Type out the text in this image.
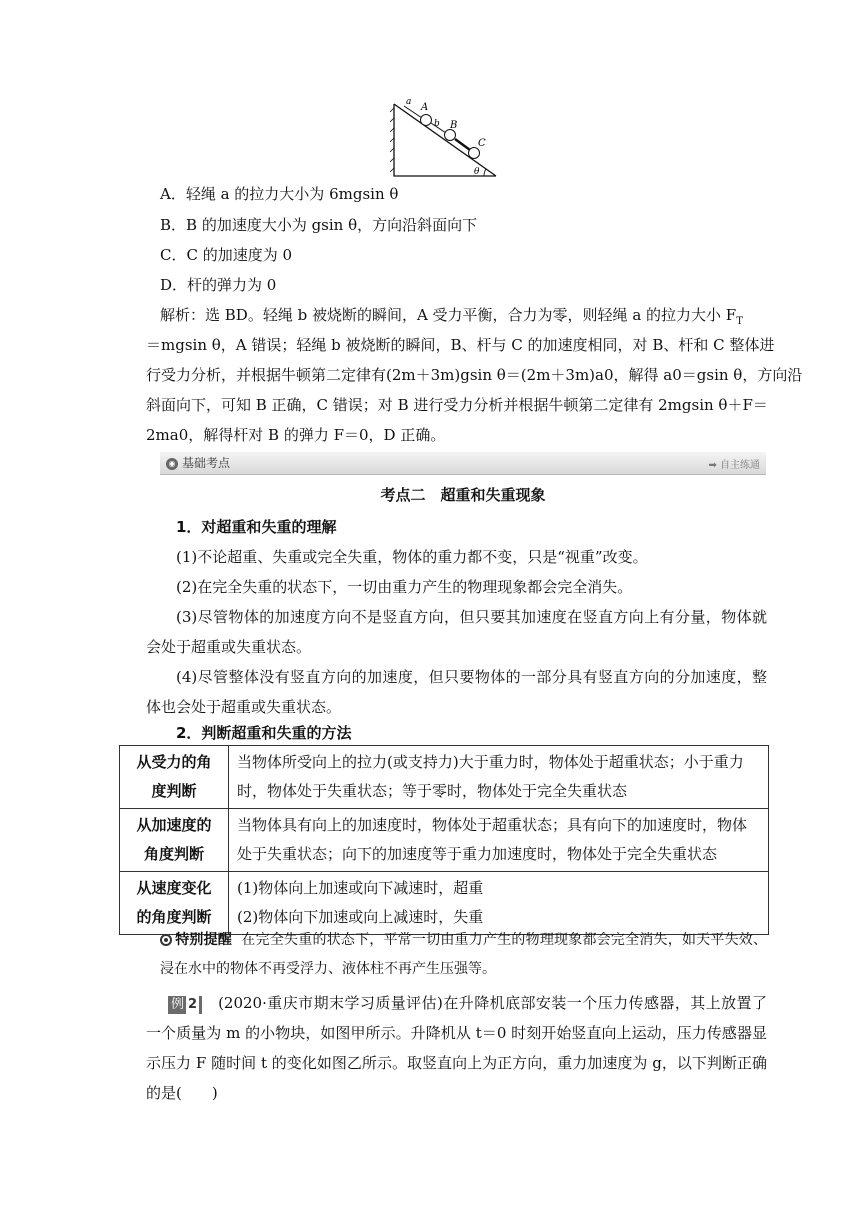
a A
b B
C
θ
A．轻绳 a 的拉力大小为 6mgsin θ
B．B 的加速度大小为 gsin θ，方向沿斜面向下
C．C 的加速度为 0
D．杆的弹力为 0
解析：选 BD。轻绳 b 被烧断的瞬间，A 受力平衡，合力为零，则轻绳 a 的拉力大小 $F_T$
＝mgsin θ，A 错误；轻绳 b 被烧断的瞬间，B、杆与 C 的加速度相同，对 B、杆和 C 整体进
行受力分析，并根据牛顿第二定律有(2m＋3m)gsin θ＝(2m＋3m)a0，解得 a0＝gsin θ，方向沿
斜面向下，可知 B 正确，C 错误；对 B 进行受力分析并根据牛顿第二定律有 2mgsin θ＋F＝
2ma0，解得杆对 B 的弹力 F＝0，D 正确。
◉ 基础考点	➡ 自主练通
考点二　超重和失重现象
1．对超重和失重的理解
(1)不论超重、失重或完全失重，物体的重力都不变，只是“视重”改变。
(2)在完全失重的状态下，一切由重力产生的物理现象都会完全消失。
(3)尽管物体的加速度方向不是竖直方向，但只要其加速度在竖直方向上有分量，物体就会处于超重或失重状态。
(4)尽管整体没有竖直方向的加速度，但只要物体的一部分具有竖直方向的分加速度，整体也会处于超重或失重状态。
2．判断超重和失重的方法
从受力的角
度判断	当物体所受向上的拉力(或支持力)大于重力时，物体处于超重状态；小于重力时，物体处于失重状态；等于零时，物体处于完全失重状态
从加速度的
角度判断	当物体具有向上的加速度时，物体处于超重状态；具有向下的加速度时，物体处于失重状态；向下的加速度等于重力加速度时，物体处于完全失重状态
从速度变化
的角度判断	(1)物体向上加速或向下减速时，超重
(2)物体向下加速或向上减速时，失重
特别提醒 在完全失重的状态下，平常一切由重力产生的物理现象都会完全消失，如天平失效、浸在水中的物体不再受浮力、液体柱不再产生压强等。
例 2 (2020·重庆市期末学习质量评估)在升降机底部安装一个压力传感器，其上放置了一个质量为 m 的小物块，如图甲所示。升降机从 t＝0 时刻开始竖直向上运动，压力传感器显示压力 F 随时间 t 的变化如图乙所示。取竖直向上为正方向，重力加速度为 g，以下判断正确的是(　　)
